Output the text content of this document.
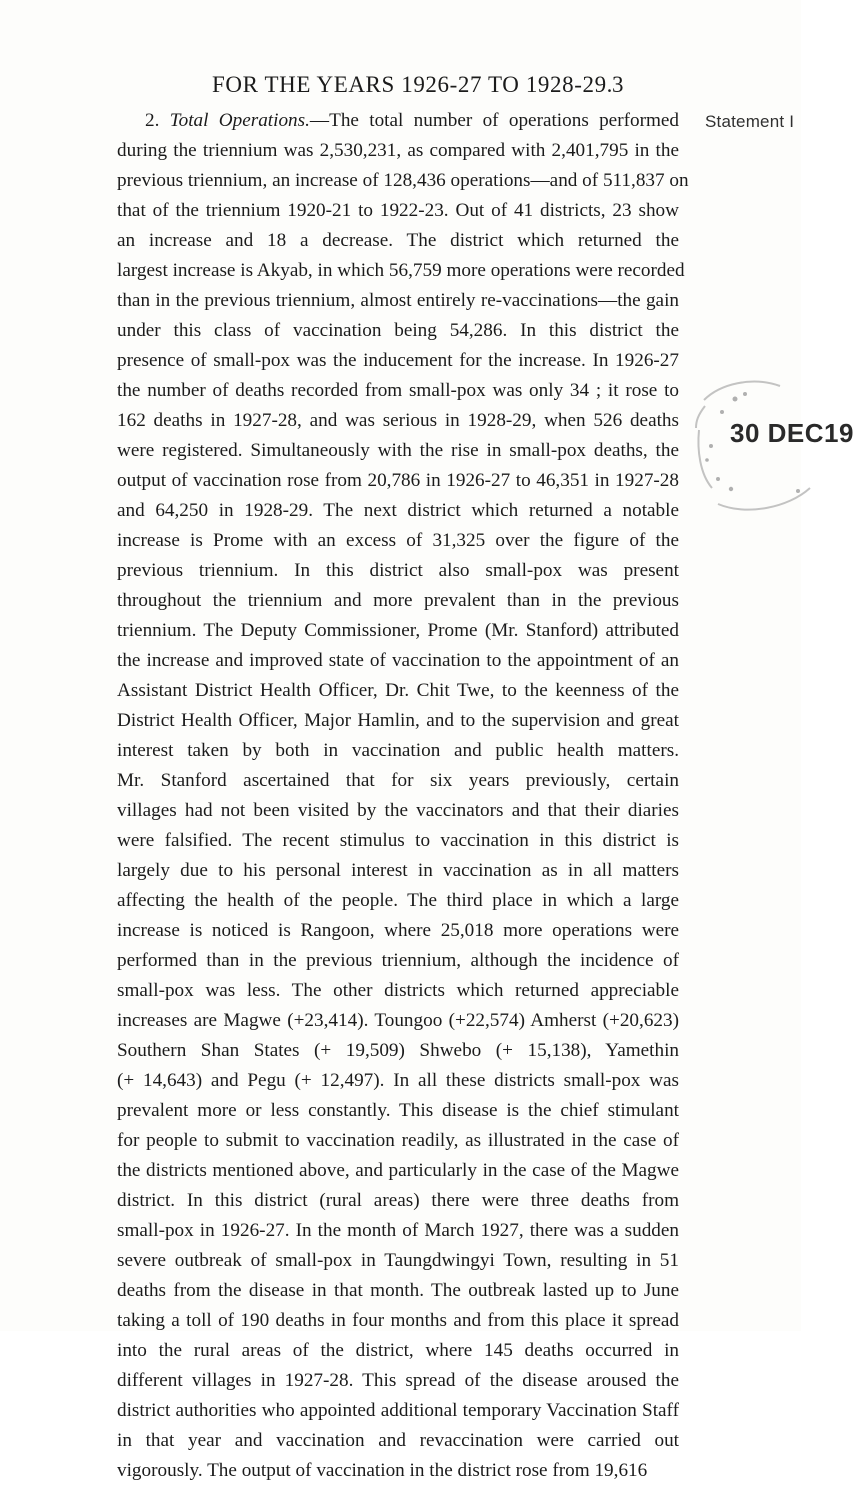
FOR THE YEARS 1926-27 TO 1928-29.
3
Statement I
30 DEC19
2. Total Operations.—The total number of operations performed
during the triennium was 2,530,231, as compared with 2,401,795 in the
previous triennium, an increase of 128,436 operations—and of 511,837 on
that of the triennium 1920-21 to 1922-23. Out of 41 districts, 23 show
an increase and 18 a decrease. The district which returned the
largest increase is Akyab, in which 56,759 more operations were recorded
than in the previous triennium, almost entirely re-vaccinations—the gain
under this class of vaccination being 54,286. In this district the
presence of small-pox was the inducement for the increase. In 1926-27
the number of deaths recorded from small-pox was only 34 ; it rose to
162 deaths in 1927-28, and was serious in 1928-29, when 526 deaths
were registered. Simultaneously with the rise in small-pox deaths, the
output of vaccination rose from 20,786 in 1926-27 to 46,351 in 1927-28
and 64,250 in 1928-29. The next district which returned a notable
increase is Prome with an excess of 31,325 over the figure of the
previous triennium. In this district also small-pox was present
throughout the triennium and more prevalent than in the previous
triennium. The Deputy Commissioner, Prome (Mr. Stanford) attributed
the increase and improved state of vaccination to the appointment of an
Assistant District Health Officer, Dr. Chit Twe, to the keenness of the
District Health Officer, Major Hamlin, and to the supervision and great
interest taken by both in vaccination and public health matters.
Mr. Stanford ascertained that for six years previously, certain
villages had not been visited by the vaccinators and that their diaries
were falsified. The recent stimulus to vaccination in this district is
largely due to his personal interest in vaccination as in all matters
affecting the health of the people. The third place in which a large
increase is noticed is Rangoon, where 25,018 more operations were
performed than in the previous triennium, although the incidence of
small-pox was less. The other districts which returned appreciable
increases are Magwe (+23,414). Toungoo (+22,574) Amherst (+20,623)
Southern Shan States (+ 19,509) Shwebo (+ 15,138), Yamethin
(+ 14,643) and Pegu (+ 12,497). In all these districts small-pox was
prevalent more or less constantly. This disease is the chief stimulant
for people to submit to vaccination readily, as illustrated in the case of
the districts mentioned above, and particularly in the case of the Magwe
district. In this district (rural areas) there were three deaths from
small-pox in 1926-27. In the month of March 1927, there was a sudden
severe outbreak of small-pox in Taungdwingyi Town, resulting in 51
deaths from the disease in that month. The outbreak lasted up to June
taking a toll of 190 deaths in four months and from this place it spread
into the rural areas of the district, where 145 deaths occurred in
different villages in 1927-28. This spread of the disease aroused the
district authorities who appointed additional temporary Vaccination Staff
in that year and vaccination and revaccination were carried out
vigorously. The output of vaccination in the district rose from 19,616
